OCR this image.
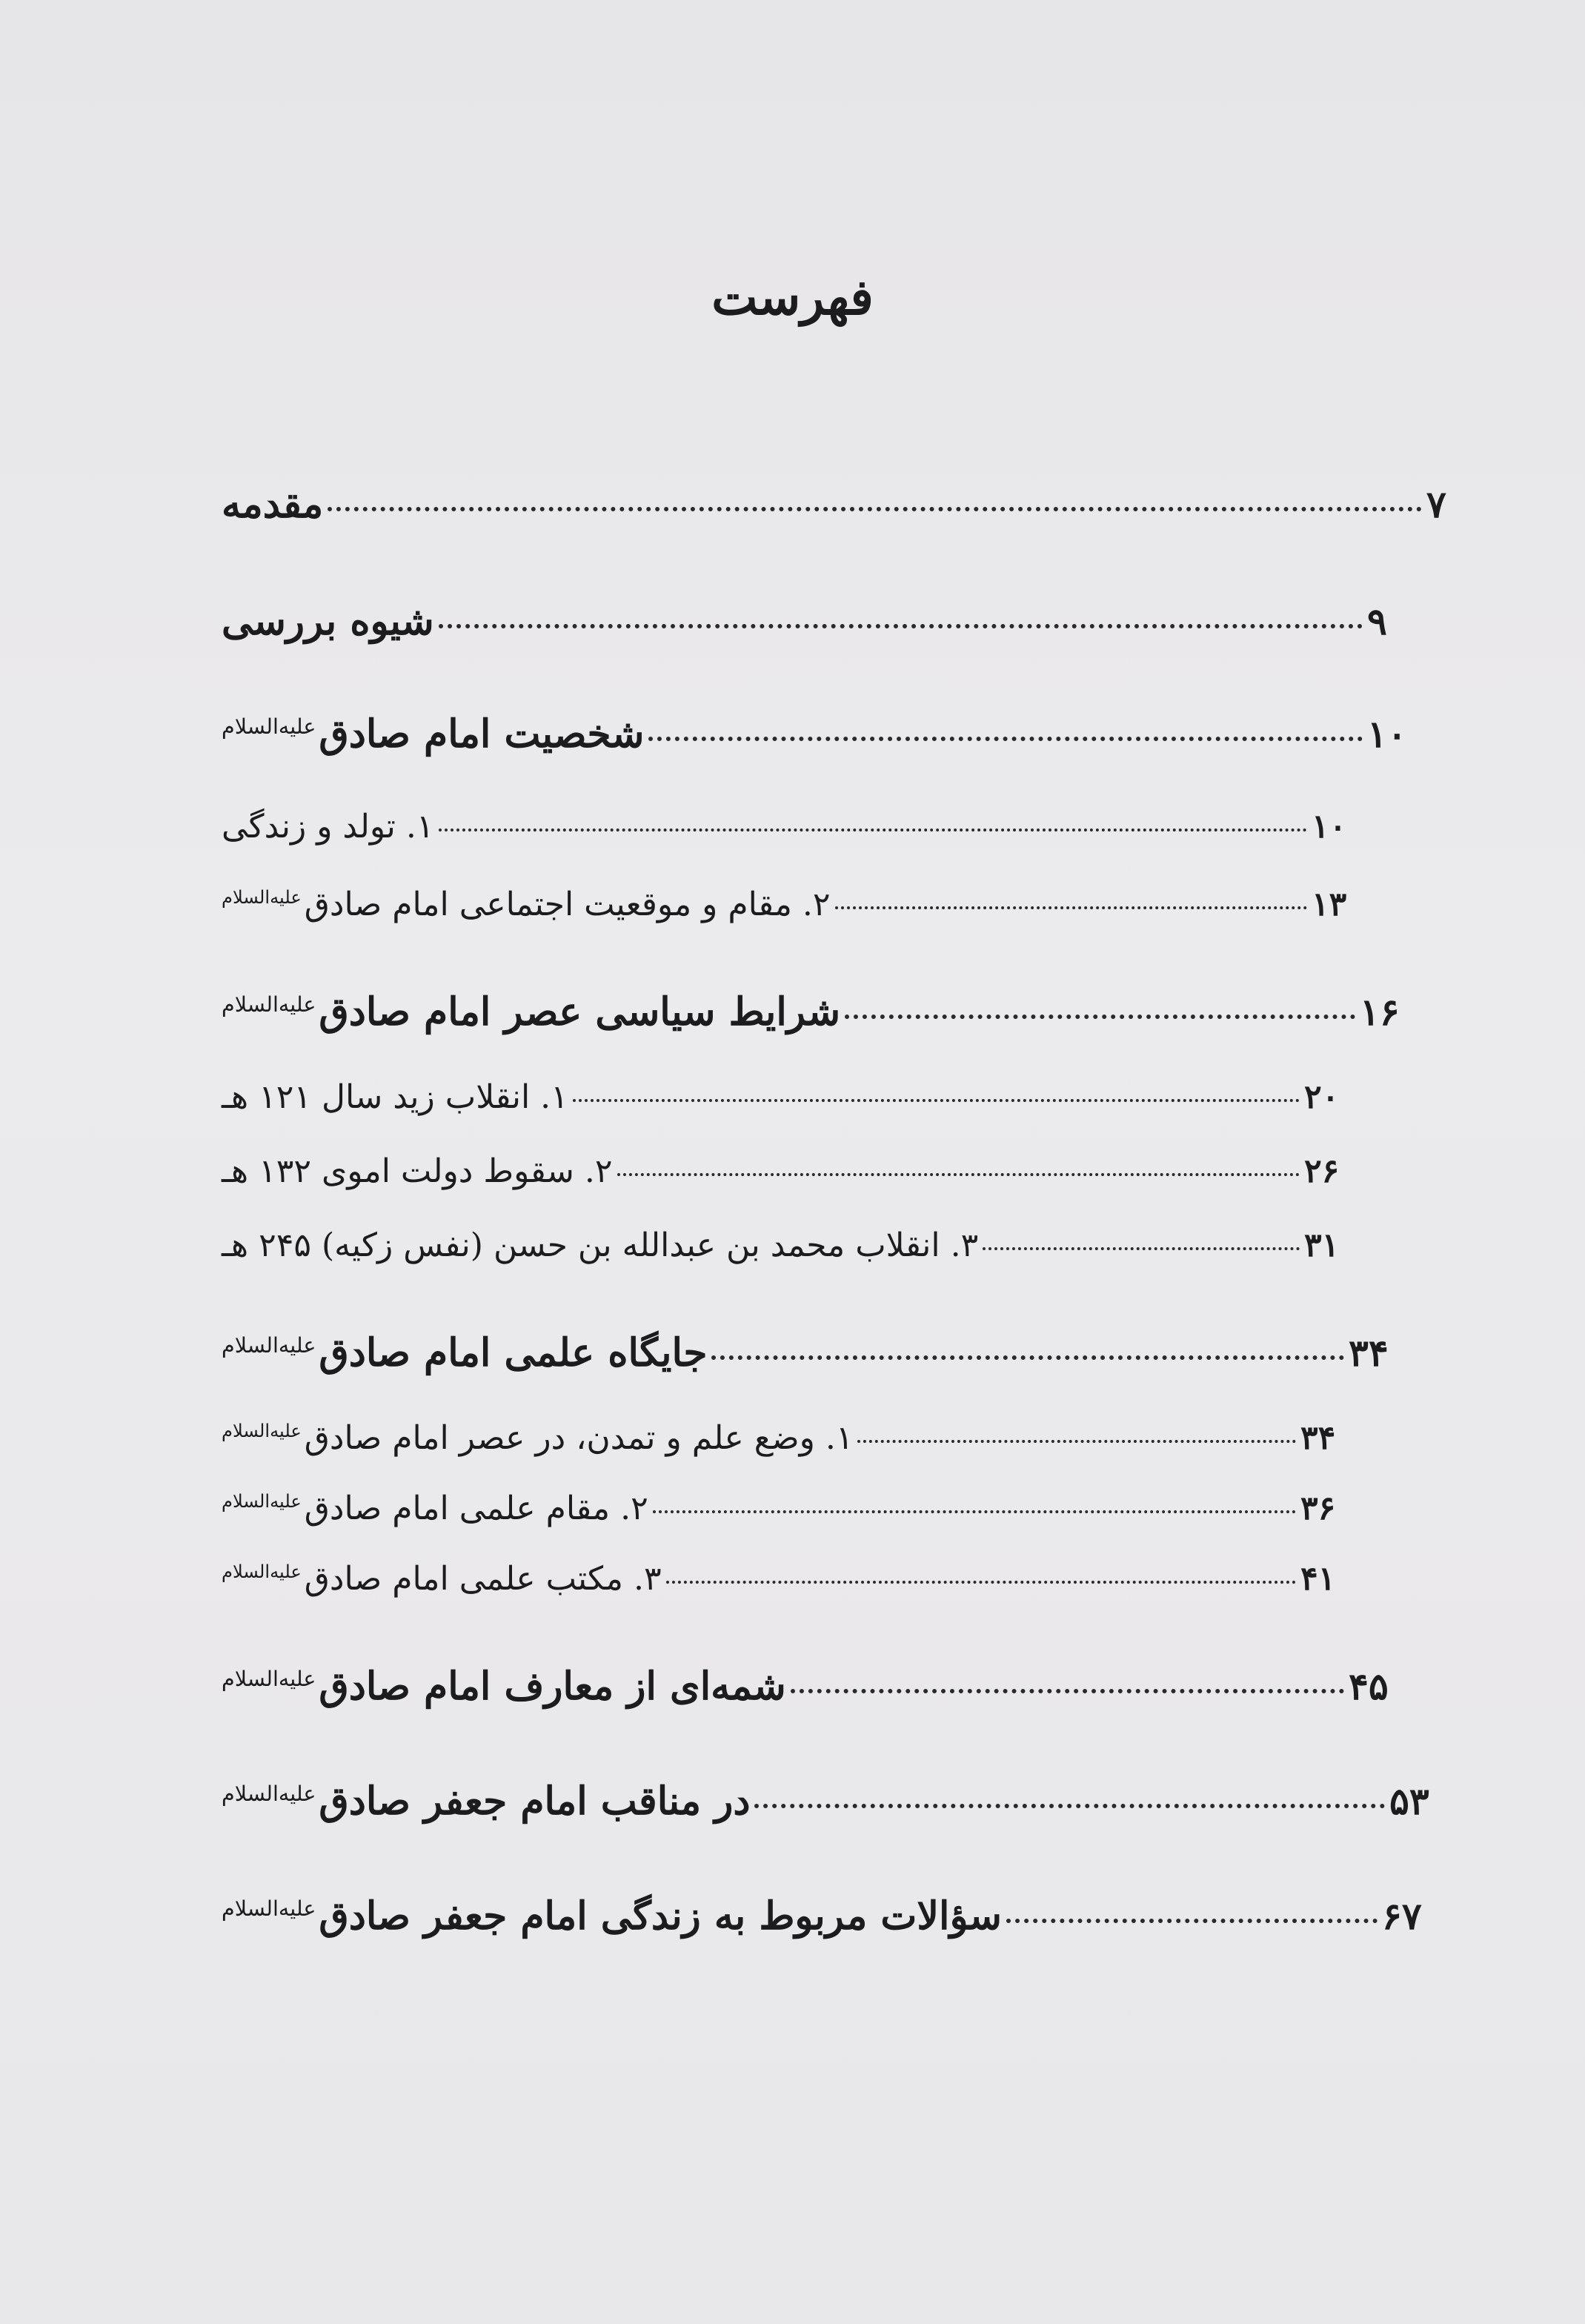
فهرست
مقدمه	۷
شیوه بررسی	۹
شخصیت امام صادقعلیه‌السلام	۱۰
۱. تولد و زندگی	۱۰
۲. مقام و موقعیت اجتماعی امام صادقعلیه‌السلام	۱۳
شرایط سیاسی عصر امام صادقعلیه‌السلام	۱۶
۱. انقلاب زید سال ۱۲۱ هـ	۲۰
۲. سقوط دولت اموی ۱۳۲ هـ	۲۶
۳. انقلاب محمد بن عبدالله بن حسن (نفس زکیه) ۲۴۵ هـ	۳۱
جایگاه علمی امام صادقعلیه‌السلام	۳۴
۱. وضع علم و تمدن، در عصر امام صادقعلیه‌السلام	۳۴
۲. مقام علمی امام صادقعلیه‌السلام	۳۶
۳. مکتب علمی امام صادقعلیه‌السلام	۴۱
شمه‌ای از معارف امام صادقعلیه‌السلام	۴۵
در مناقب امام جعفر صادقعلیه‌السلام	۵۳
سؤالات مربوط به زندگی امام جعفر صادقعلیه‌السلام	۶۷
